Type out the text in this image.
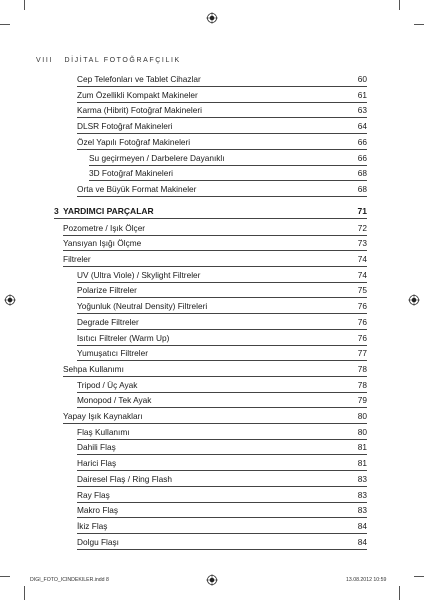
VIII DİJİTAL FOTOĞRAFÇILIK
Cep Telefonları ve Tablet Cihazlar	60
Zum Özellikli Kompakt Makineler	61
Karma (Hibrit) Fotoğraf Makineleri	63
DLSR Fotoğraf Makineleri	64
Özel Yapılı Fotoğraf Makineleri	66
Su geçirmeyen / Darbelere Dayanıklı	66
3D Fotoğraf Makineleri	68
Orta ve Büyük Format Makineler	68
3 YARDIMCI PARÇALAR	71
Pozometre / Işık Ölçer	72
Yansıyan Işığı Ölçme	73
Filtreler	74
UV (Ultra Viole) / Skylight Filtreler	74
Polarize Filtreler	75
Yoğunluk (Neutral Density) Filtreleri	76
Degrade Filtreler	76
Isıtıcı Filtreler (Warm Up)	76
Yumuşatıcı Filtreler	77
Sehpa Kullanımı	78
Tripod / Üç Ayak	78
Monopod / Tek Ayak	79
Yapay Işık Kaynakları	80
Flaş Kullanımı	80
Dahili Flaş	81
Harici Flaş	81
Dairesel Flaş / Ring Flash	83
Ray Flaş	83
Makro Flaş	83
İkiz Flaş	84
Dolgu Flaşı	84
DIGI_FOTO_ICINDEKILER.indd 8	13.08.2012 10:59
